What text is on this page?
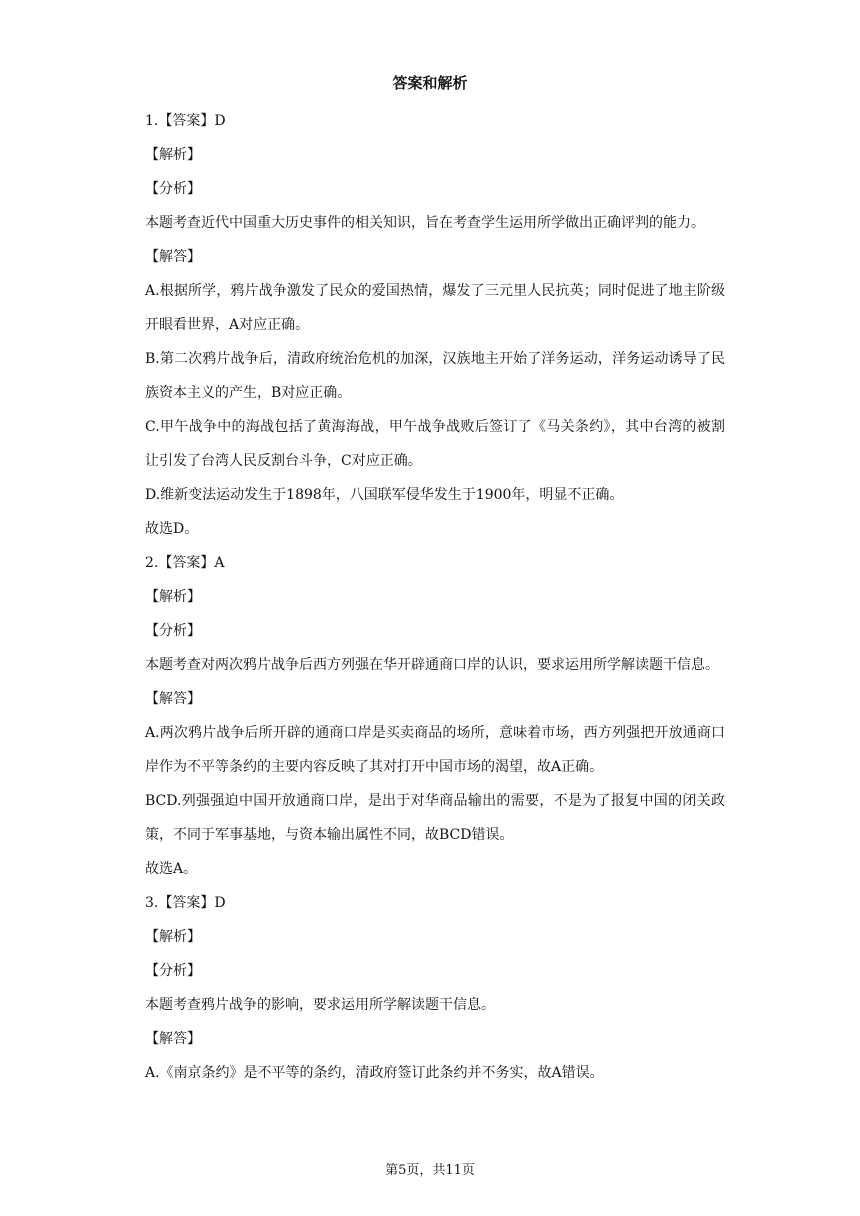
答案和解析

1.【答案】D

【解析】

【分析】

本题考查近代中国重大历史事件的相关知识，旨在考查学生运用所学做出正确评判的能力。

【解答】

A.根据所学，鸦片战争激发了民众的爱国热情，爆发了三元里人民抗英；同时促进了地主阶级开眼看世界，A对应正确。

B.第二次鸦片战争后，清政府统治危机的加深，汉族地主开始了洋务运动，洋务运动诱导了民族资本主义的产生，B对应正确。

C.甲午战争中的海战包括了黄海海战，甲午战争战败后签订了《马关条约》，其中台湾的被割让引发了台湾人民反割台斗争，C对应正确。

D.维新变法运动发生于1898年，八国联军侵华发生于1900年，明显不正确。

故选D。

2.【答案】A

【解析】

【分析】

本题考查对两次鸦片战争后西方列强在华开辟通商口岸的认识，要求运用所学解读题干信息。

【解答】

A.两次鸦片战争后所开辟的通商口岸是买卖商品的场所，意味着市场，西方列强把开放通商口岸作为不平等条约的主要内容反映了其对打开中国市场的渴望，故A正确。

BCD.列强强迫中国开放通商口岸，是出于对华商品输出的需要，不是为了报复中国的闭关政策，不同于军事基地，与资本输出属性不同，故BCD错误。

故选A。

3.【答案】D

【解析】

【分析】

本题考查鸦片战争的影响，要求运用所学解读题干信息。

【解答】

A.《南京条约》是不平等的条约，清政府签订此条约并不务实，故A错误。

第5页，共11页
